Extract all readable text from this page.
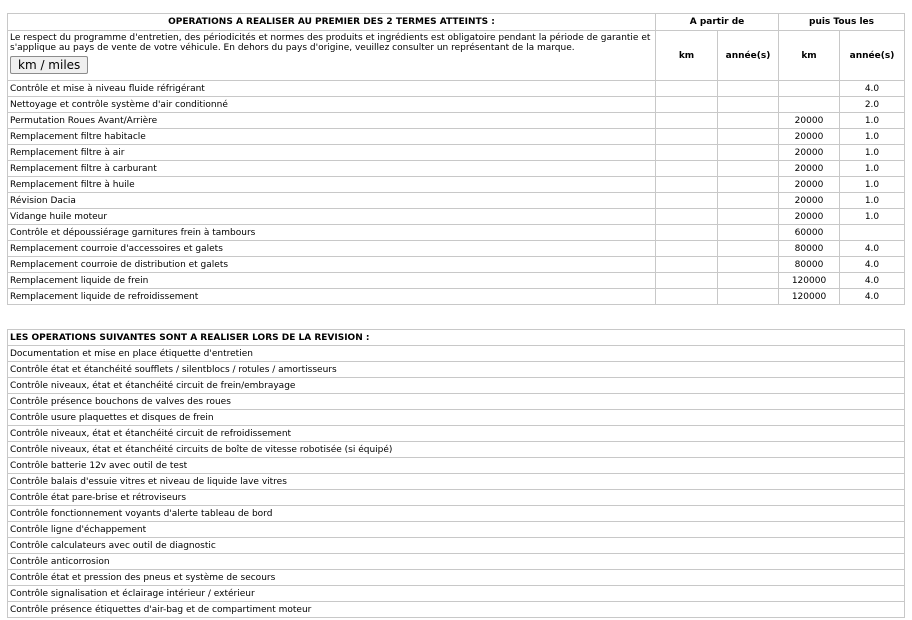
OPERATIONS A REALISER AU PREMIER DES 2 TERMES ATTEINTS :	A partir de		puis Tous les	

Le respect du programme d'entretien, des périodicités et normes des produits et ingrédients est obligatoire pendant la période de garantie et s'applique au pays de vente de votre véhicule. En dehors du pays d'origine, veuillez consulter un représentant de la marque.
km / miles	km	année(s)	km	année(s)
Contrôle et mise à niveau fluide réfrigérant				4.0
Nettoyage et contrôle système d'air conditionné				2.0
Permutation Roues Avant/Arrière			20000	1.0
Remplacement filtre habitacle			20000	1.0
Remplacement filtre à air			20000	1.0
Remplacement filtre à carburant			20000	1.0
Remplacement filtre à huile			20000	1.0
Révision Dacia			20000	1.0
Vidange huile moteur			20000	1.0
Contrôle et dépoussiérage garnitures frein à tambours			60000	
Remplacement courroie d'accessoires et galets			80000	4.0
Remplacement courroie de distribution et galets			80000	4.0
Remplacement liquide de frein			120000	4.0
Remplacement liquide de refroidissement			120000	4.0
LES OPERATIONS SUIVANTES SONT A REALISER LORS DE LA REVISION :
Documentation et mise en place étiquette d'entretien
Contrôle état et étanchéité soufflets / silentblocs / rotules / amortisseurs
Contrôle niveaux, état et étanchéité circuit de frein/embrayage
Contrôle présence bouchons de valves des roues
Contrôle usure plaquettes et disques de frein
Contrôle niveaux, état et étanchéité circuit de refroidissement
Contrôle niveaux, état et étanchéité circuits de boîte de vitesse robotisée (si équipé)
Contrôle batterie 12v avec outil de test
Contrôle balais d'essuie vitres et niveau de liquide lave vitres
Contrôle état pare-brise et rétroviseurs
Contrôle fonctionnement voyants d'alerte tableau de bord
Contrôle ligne d'échappement
Contrôle calculateurs avec outil de diagnostic
Contrôle anticorrosion
Contrôle état et pression des pneus et système de secours
Contrôle signalisation et éclairage intérieur / extérieur
Contrôle présence étiquettes d'air-bag et de compartiment moteur
